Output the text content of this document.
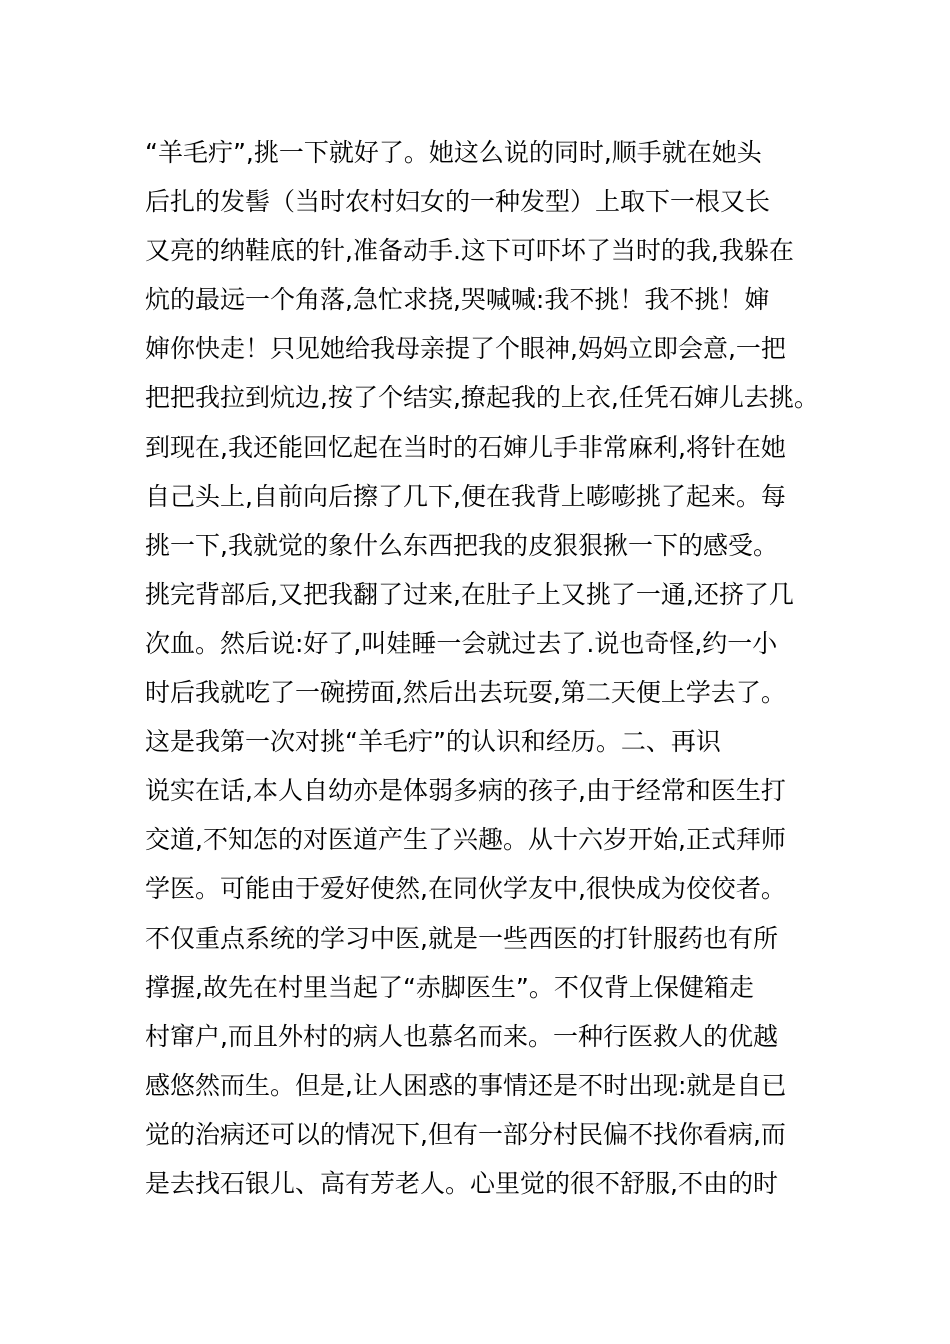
“羊毛疔”,挑一下就好了。她这么说的同时,顺手就在她头
后扎的发髻（当时农村妇女的一种发型）上取下一根又长
又亮的纳鞋底的针,准备动手.这下可吓坏了当时的我,我躲在
炕的最远一个角落,急忙求挠,哭喊喊:我不挑！我不挑！婶
婶你快走！只见她给我母亲提了个眼神,妈妈立即会意,一把
把把我拉到炕边,按了个结实,撩起我的上衣,任凭石婶儿去挑。
到现在,我还能回忆起在当时的石婶儿手非常麻利,将针在她
自己头上,自前向后擦了几下,便在我背上嘭嘭挑了起来。每
挑一下,我就觉的象什么东西把我的皮狠狠揪一下的感受。
挑完背部后,又把我翻了过来,在肚子上又挑了一通,还挤了几
次血。然后说:好了,叫娃睡一会就过去了.说也奇怪,约一小
时后我就吃了一碗捞面,然后出去玩耍,第二天便上学去了。
这是我第一次对挑“羊毛疔”的认识和经历。二、再识
说实在话,本人自幼亦是体弱多病的孩子,由于经常和医生打
交道,不知怎的对医道产生了兴趣。从十六岁开始,正式拜师
学医。可能由于爱好使然,在同伙学友中,很快成为佼佼者。
不仅重点系统的学习中医,就是一些西医的打针服药也有所
撑握,故先在村里当起了“赤脚医生”。不仅背上保健箱走
村窜户,而且外村的病人也慕名而来。一种行医救人的优越
感悠然而生。但是,让人困惑的事情还是不时出现:就是自已
觉的治病还可以的情况下,但有一部分村民偏不找你看病,而
是去找石银儿、高有芳老人。心里觉的很不舒服,不由的时
